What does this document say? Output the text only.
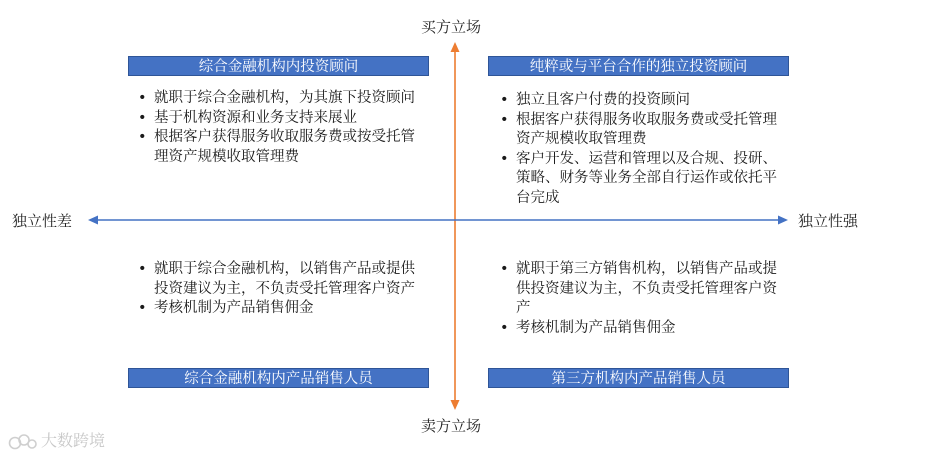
买方立场
卖方立场
独立性差	独立性强
综合金融机构内投资顾问
• 就职于综合金融机构，为其旗下投资顾问
• 基于机构资源和业务支持来展业
• 根据客户获得服务收取服务费或按受托管理资产规模收取管理费
纯粹或与平台合作的独立投资顾问
• 独立且客户付费的投资顾问
• 根据客户获得服务收取服务费或受托管理资产规模收取管理费
• 客户开发、运营和管理以及合规、投研、策略、财务等业务全部自行运作或依托平台完成
• 就职于综合金融机构，以销售产品或提供投资建议为主，不负责受托管理客户资产
• 考核机制为产品销售佣金
综合金融机构内产品销售人员
• 就职于第三方销售机构，以销售产品或提供投资建议为主，不负责受托管理客户资产
• 考核机制为产品销售佣金
第三方机构内产品销售人员
大数跨境
